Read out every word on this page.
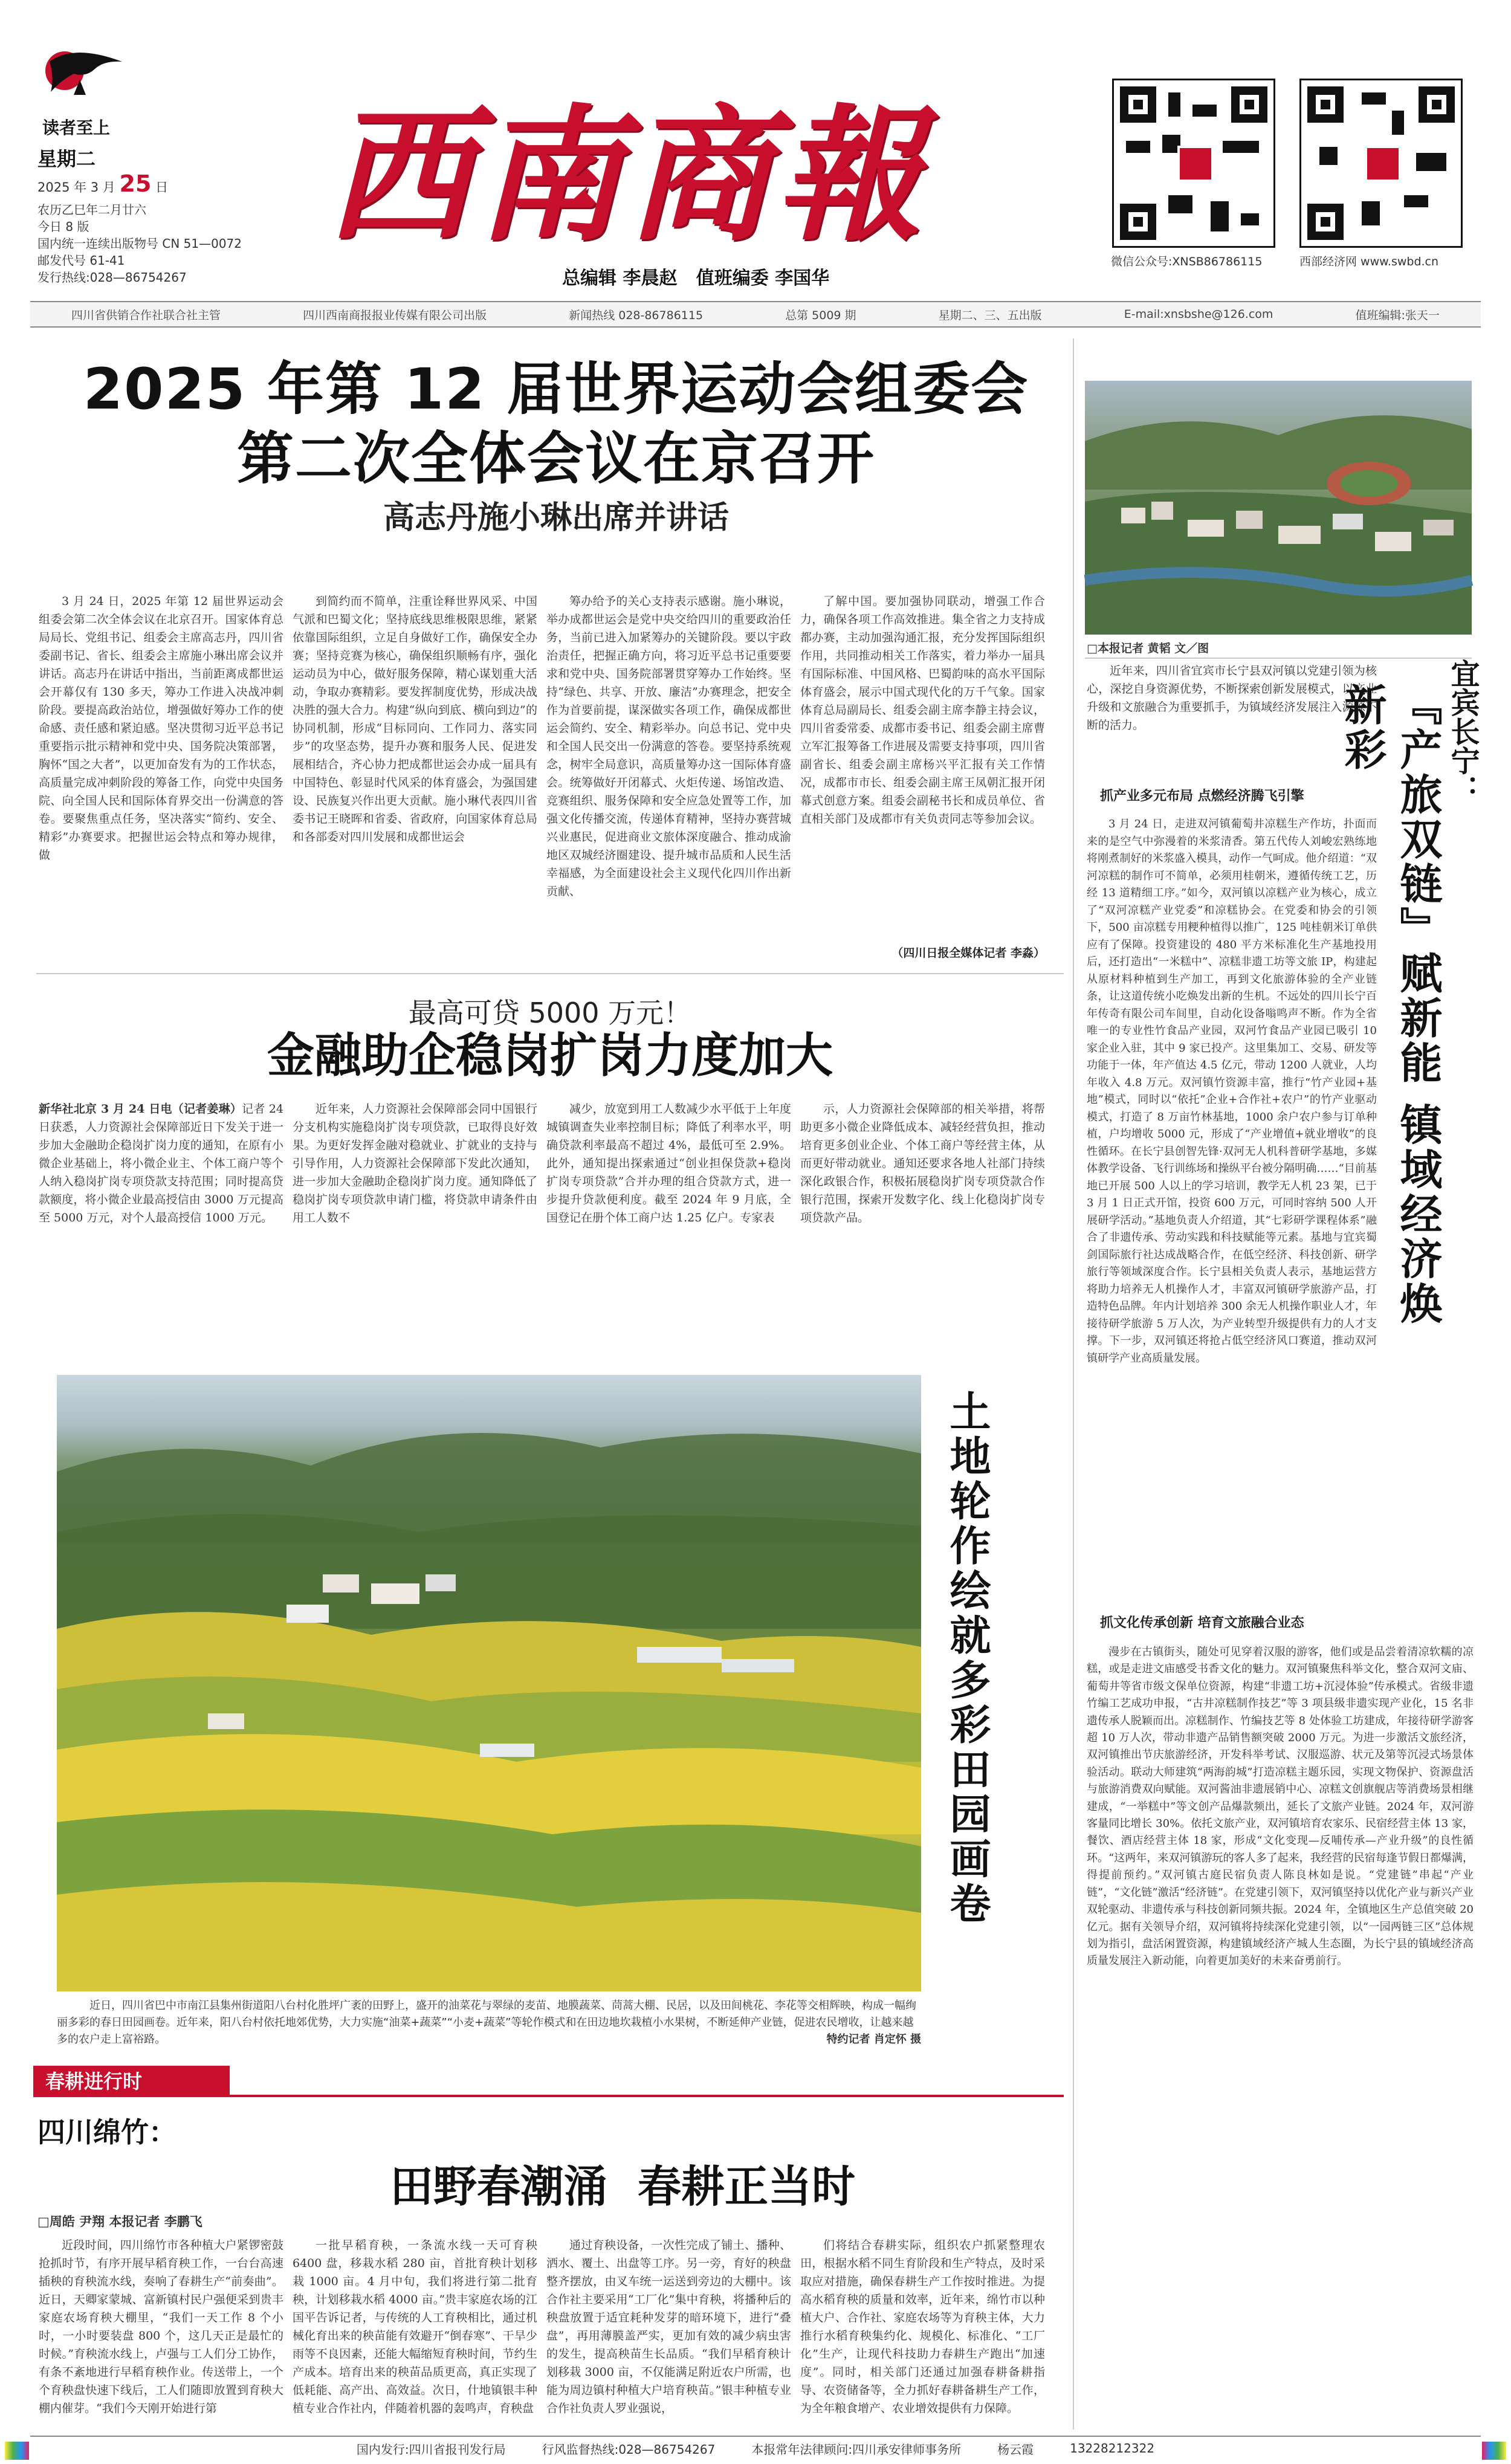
读者至上
星期二
2025 年 3 月 25 日
农历乙巳年二月廿六
今日 8 版
国内统一连续出版物号 CN 51—0072
邮发代号 61-41
发行热线:028—86754267
西南商報
总编辑 李晨赵   值班编委 李国华
微信公众号:XNSB86786115	西部经济网 www.swbd.cn
四川省供销合作社联合社主管	四川西南商报报业传媒有限公司出版	新闻热线 028-86786115	总第 5009 期	星期二、三、五出版	E-mail:xnsbshe@126.com	值班编辑:张天一
2025 年第 12 届世界运动会组委会
第二次全体会议在京召开
高志丹施小琳出席并讲话

3 月 24 日，2025 年第 12 届世界运动会组委会第二次全体会议在北京召开。国家体育总局局长、党组书记、组委会主席高志丹，四川省委副书记、省长、组委会主席施小琳出席会议并讲话。高志丹在讲话中指出，当前距离成都世运会开幕仅有 130 多天，筹办工作进入决战冲刺阶段。要提高政治站位，增强做好筹办工作的使命感、责任感和紧迫感。坚决贯彻习近平总书记重要指示批示精神和党中央、国务院决策部署，胸怀“国之大者”，以更加奋发有为的工作状态，高质量完成冲刺阶段的筹备工作，向党中央国务院、向全国人民和国际体育界交出一份满意的答卷。要聚焦重点任务，坚决落实“简约、安全、精彩”办赛要求。把握世运会特点和筹办规律，做

到简约而不简单，注重诠释世界风采、中国气派和巴蜀文化；坚持底线思维极限思维，紧紧依靠国际组织，立足自身做好工作，确保安全办赛；坚持竞赛为核心，确保组织顺畅有序，强化运动员为中心，做好服务保障，精心谋划重大活动，争取办赛精彩。要发挥制度优势，形成决战决胜的强大合力。构建“纵向到底、横向到边”的协同机制，形成“目标同向、工作同力、落实同步”的攻坚态势，提升办赛和服务人民、促进发展相结合，齐心协力把成都世运会办成一届具有中国特色、彰显时代风采的体育盛会，为强国建设、民族复兴作出更大贡献。施小琳代表四川省委书记王晓晖和省委、省政府，向国家体育总局和各部委对四川发展和成都世运会

筹办给予的关心支持表示感谢。施小琳说，举办成都世运会是党中央交给四川的重要政治任务，当前已进入加紧筹办的关键阶段。要以宇政治责任，把握正确方向，将习近平总书记重要要求和党中央、国务院部署贯穿筹办工作始终。坚持“绿色、共享、开放、廉洁”办赛理念，把安全作为首要前提，谋深做实各项工作，确保成都世运会简约、安全、精彩举办。向总书记、党中央和全国人民交出一份满意的答卷。要坚持系统观念，树牢全局意识，高质量筹办这一国际体育盛会。统筹做好开闭幕式、火炬传递、场馆改造、竞赛组织、服务保障和安全应急处置等工作，加强文化传播交流，传递体育精神，坚持办赛营城兴业惠民，促进商业文旅体深度融合、推动成渝地区双城经济圈建设、提升城市品质和人民生活幸福感，为全面建设社会主义现代化四川作出新贡献、

了解中国。要加强协同联动，增强工作合力，确保各项工作高效推进。集全省之力支持成都办赛，主动加强沟通汇报，充分发挥国际组织作用，共同推动相关工作落实，着力举办一届具有国际标准、中国风格、巴蜀韵味的高水平国际体育盛会，展示中国式现代化的万千气象。国家体育总局副局长、组委会副主席李静主持会议，四川省委常委、成都市委书记、组委会副主席曹立军汇报筹备工作进展及需要支持事项，四川省副省长、组委会副主席杨兴平汇报有关工作情况，成都市市长、组委会副主席王凤朝汇报开闭幕式创意方案。组委会副秘书长和成员单位、省直相关部门及成都市有关负责同志等参加会议。

（四川日报全媒体记者 李淼）
最高可贷 5000 万元！
金融助企稳岗扩岗力度加大

新华社北京 3 月 24 日电（记者姜琳）记者 24 日获悉，人力资源社会保障部近日下发关于进一步加大金融助企稳岗扩岗力度的通知，在原有小微企业基础上，将小微企业主、个体工商户等个人纳入稳岗扩岗专项贷款支持范围；同时提高贷款额度，将小微企业最高授信由 3000 万元提高至 5000 万元，对个人最高授信 1000 万元。

近年来，人力资源社会保障部会同中国银行分支机构实施稳岗扩岗专项贷款，已取得良好效果。为更好发挥金融对稳就业、扩就业的支持与引导作用，人力资源社会保障部下发此次通知，进一步加大金融助企稳岗扩岗力度。通知降低了稳岗扩岗专项贷款申请门槛，将贷款申请条件由用工人数不

减少，放宽到用工人数减少水平低于上年度城镇调查失业率控制目标；降低了利率水平，明确贷款利率最高不超过 4%，最低可至 2.9%。此外，通知提出探索通过“创业担保贷款+稳岗扩岗专项贷款”合并办理的组合贷款方式，进一步提升贷款便利度。截至 2024 年 9 月底，全国登记在册个体工商户达 1.25 亿户。专家表

示，人力资源社会保障部的相关举措，将帮助更多小微企业降低成本、减轻经营负担，推动培育更多创业企业、个体工商户等经营主体，从而更好带动就业。通知还要求各地人社部门持续深化政银合作，积极拓展稳岗扩岗专项贷款合作银行范围，探索开发数字化、线上化稳岗扩岗专项贷款产品。

土地轮作绘就多彩田园画卷
近日，四川省巴中市南江县集州街道阳八台村化胜坪广袤的田野上，盛开的油菜花与翠绿的麦苗、地膜蔬菜、茼蒿大棚、民居，以及田间桃花、李花等交相辉映，构成一幅绚丽多彩的春日田园画卷。近年来，阳八台村依托地郊优势，大力实施“油菜+蔬菜”“小麦+蔬菜”等轮作模式和在田边地坎栽植小水果树，不断延伸产业链，促进农民增收，让越来越多的农户走上富裕路。	特约记者 肖定怀 摄
春耕进行时
四川绵竹：
田野春潮涌  春耕正当时
□周皓 尹翔 本报记者 李鹏飞

近段时间，四川绵竹市各种植大户紧锣密鼓抢抓时节，有序开展早稻育秧工作，一台台高速插秧的育秧流水线，奏响了春耕生产“前奏曲”。近日，天卿家蒙城、富新镇村民户强便采到贵丰家庭农场育秧大棚里，“我们一天工作 8 个小时，一小时要装盘 800 个，这几天正是最忙的时候。”育秧流水线上，卢强与工人们分工协作，有条不紊地进行早稻育秧作业。传送带上，一个个育秧盘快速下线后，工人们随即放置到育秧大棚内催芽。“我们今天刚开始进行第

一批早稻育秧，一条流水线一天可育秧 6400 盘，移栽水稻 280 亩，首批育秧计划移栽 1000 亩。4 月中旬，我们将进行第二批育秧，计划移栽水稻 4000 亩。”贵丰家庭农场的江国平告诉记者，与传统的人工育秧相比，通过机械化育出来的秧苗能有效避开“倒春寒”、干旱少雨等不良因素，还能大幅缩短育秧时间，节约生产成本。培育出来的秧苗品质更高，真正实现了低耗能、高产出、高效益。次日，什地镇银丰种植专业合作社内，伴随着机器的轰鸣声，育秧盘

通过育秧设备，一次性完成了铺土、播种、洒水、覆土、出盘等工序。另一旁，育好的秧盘整齐摆放，由叉车统一运送到旁边的大棚中。该合作社主要采用“工厂化”集中育秧，将播种后的秧盘放置于适宜耗种发芽的暗环境下，进行“叠盘”，再用薄膜盖严实，更加有效的减少病虫害的发生，提高秧苗生长品质。“我们早稻育秧计划移栽 3000 亩，不仅能满足附近农户所需，也能为周边镇村种植大户培育秧苗。”银丰种植专业合作社负责人罗业强说，

们将结合春耕实际，组织农户抓紧整理农田，根据水稻不同生育阶段和生产特点，及时采取应对措施，确保春耕生产工作按时推进。为提高水稻育秧的质量和效率，近年来，绵竹市以种植大户、合作社、家庭农场等为育秧主体，大力推行水稻育秧集约化、规模化、标准化、“工厂化”生产，让现代科技助力春耕生产跑出“加速度”。同时，相关部门还通过加强春耕备耕指导、农资储备等，全力抓好春耕备耕生产工作，为全年粮食增产、农业增效提供有力保障。

□本报记者 黄韬 文／图

近年来，四川省宜宾市长宁县双河镇以党建引领为核心，深挖自身资源优势，不断探索创新发展模式，以产业升级和文旅融合为重要抓手，为镇域经济发展注入源源不断的活力。	宜宾长宁：
『产旅双链』赋新能 镇域经济焕新彩
抓产业多元布局 点燃经济腾飞引擎

3 月 24 日，走进双河镇葡萄井凉糕生产作坊，扑面而来的是空气中弥漫着的米浆清香。第五代传人刘峻宏熟练地将刚煮制好的米浆盛入模具，动作一气呵成。他介绍道：“双河凉糕的制作可不简单，必须用桂朝米，遵循传统工艺，历经 13 道精细工序。”如今，双河镇以凉糕产业为核心，成立了“双河凉糕产业党委”和凉糕协会。在党委和协会的引领下，500 亩凉糕专用粳种植得以推广，125 吨桂朝米订单供应有了保障。投资建设的 480 平方米标准化生产基地投用后，还打造出“一米糕中”、凉糕非遗工坊等文旅 IP，构建起从原材料种植到生产加工，再到文化旅游体验的全产业链条，让这道传统小吃焕发出新的生机。不远处的四川长宁百年传奇有限公司车间里，自动化设备嗡鸣声不断。作为全省唯一的专业性竹食品产业园，双河竹食品产业园已吸引 10 家企业入驻，其中 9 家已投产。这里集加工、交易、研发等功能于一体，年产值达 4.5 亿元，带动 1200 人就业，人均年收入 4.8 万元。双河镇竹资源丰富，推行“竹产业园+基地”模式，同时以“依托”企业+合作社+农户”的竹产业驱动模式，打造了 8 万亩竹林基地，1000 余户农户参与订单种植，户均增收 5000 元，形成了“产业增值+就业增收”的良性循环。在长宁县创智先锋·双河无人机科普研学基地，多媒体教学设备、飞行训练场和操纵平台被分隔明确……“目前基地已开展 500 人以上的学习培训，教学无人机 23 架，已于 3 月 1 日正式开馆，投资 600 万元，可同时容纳 500 人开展研学活动。”基地负责人介绍道，其“七彩研学课程体系”融合了非遗传承、劳动实践和科技赋能等元素。基地与宜宾蜀剑国际旅行社达成战略合作，在低空经济、科技创新、研学旅行等领域深度合作。长宁县相关负责人表示，基地运营方将助力培养无人机操作人才，丰富双河镇研学旅游产品，打造特色品牌。年内计划培养 300 余无人机操作职业人才，年接待研学旅游 5 万人次，为产业转型升级提供有力的人才支撑。下一步，双河镇还将抢占低空经济风口赛道，推动双河镇研学产业高质量发展。

抓文化传承创新 培育文旅融合业态

漫步在古镇街头，随处可见穿着汉服的游客，他们或是品尝着清凉软糯的凉糕，或是走进文庙感受书香文化的魅力。双河镇聚焦科举文化，整合双河文庙、葡萄井等省市级文保单位资源，构建“非遗工坊+沉浸体验”传承模式。省级非遗竹编工艺成功申报，“古井凉糕制作技艺”等 3 项县级非遗实现产业化，15 名非遗传承人脱颖而出。凉糕制作、竹编技艺等 8 处体验工坊建成，年接待研学游客超 10 万人次，带动非遗产品销售额突破 2000 万元。为进一步激活文旅经济，双河镇推出节庆旅游经济，开发科举考试、汉服巡游、状元及第等沉浸式场景体验活动。联动大师建筑“两海韵城”打造凉糕主题乐园，实现文物保护、资源盘活与旅游消费双向赋能。双河酱油非遗展销中心、凉糕文创旗舰店等消费场景相继建成，“一举糕中”等文创产品爆款频出，延长了文旅产业链。2024 年，双河游客量同比增长 30%。依托文旅产业，双河镇培育农家乐、民宿经营主体 13 家，餐饮、酒店经营主体 18 家，形成“文化变现—反哺传承—产业升级”的良性循环。“这两年，来双河镇游玩的客人多了起来，我经营的民宿每逢节假日都爆满，得提前预约。”双河镇古庭民宿负责人陈良林如是说。“党建链”串起“产业链”，“文化链”激活“经济链”。在党建引领下，双河镇坚持以优化产业与新兴产业双轮驱动、非遗传承与科技创新同频共振。2024 年，全镇地区生产总值突破 20 亿元。据有关领导介绍，双河镇将持续深化党建引领，以“一园两链三区”总体规划为指引，盘活闲置资源，构建镇域经济产城人生态圈，为长宁县的镇域经济高质量发展注入新动能，向着更加美好的未来奋勇前行。

国内发行:四川省报刊发行局	行风监督热线:028—86754267	本报常年法律顾问:四川承安律师事务所	杨云霞	13228212322
